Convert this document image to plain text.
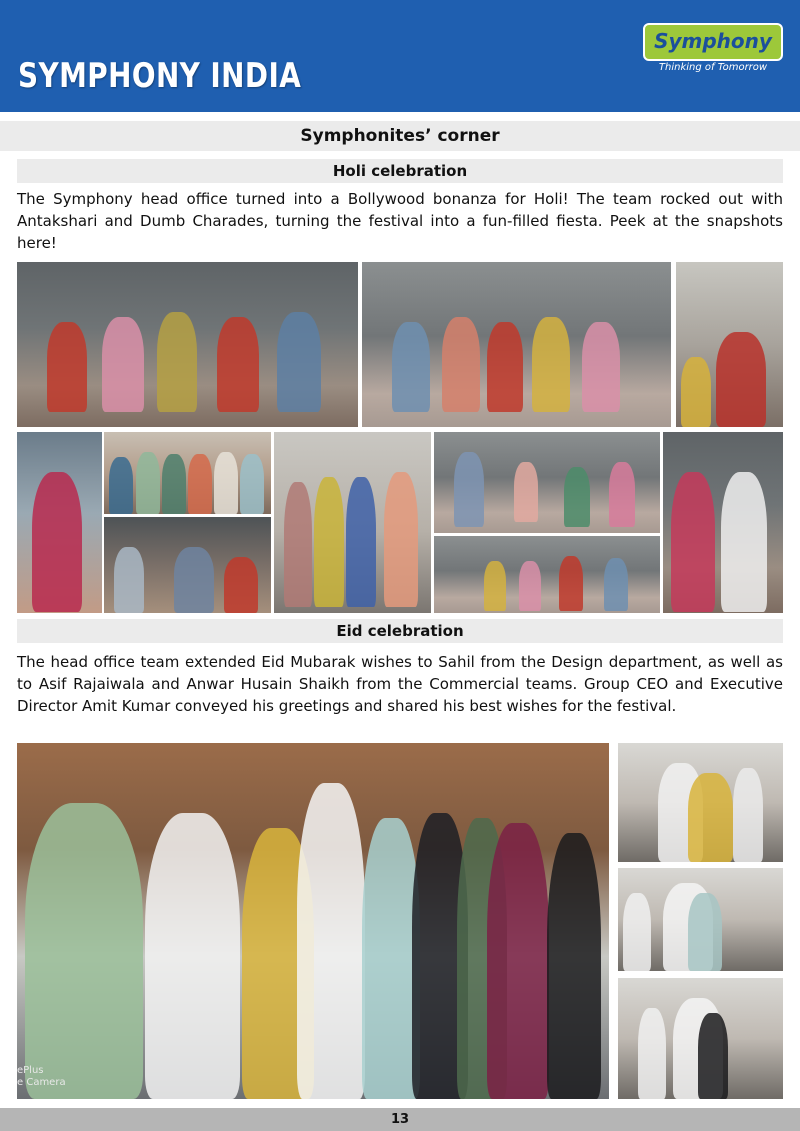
SYMPHONY INDIA
Symphony
Thinking of Tomorrow
Symphonites’ corner
Holi celebration
The Symphony head office turned into a Bollywood bonanza for Holi! The team rocked out with Antakshari and Dumb Charades, turning the festival into a fun-filled fiesta. Peek at the snapshots here!
Eid celebration
The head office team extended Eid Mubarak wishes to Sahil from the Design department, as well as to Asif Rajaiwala and Anwar Husain Shaikh from the Commercial teams. Group CEO and Executive Director Amit Kumar conveyed his greetings and shared his best wishes for the festival.
ePlus
e Camera
13
